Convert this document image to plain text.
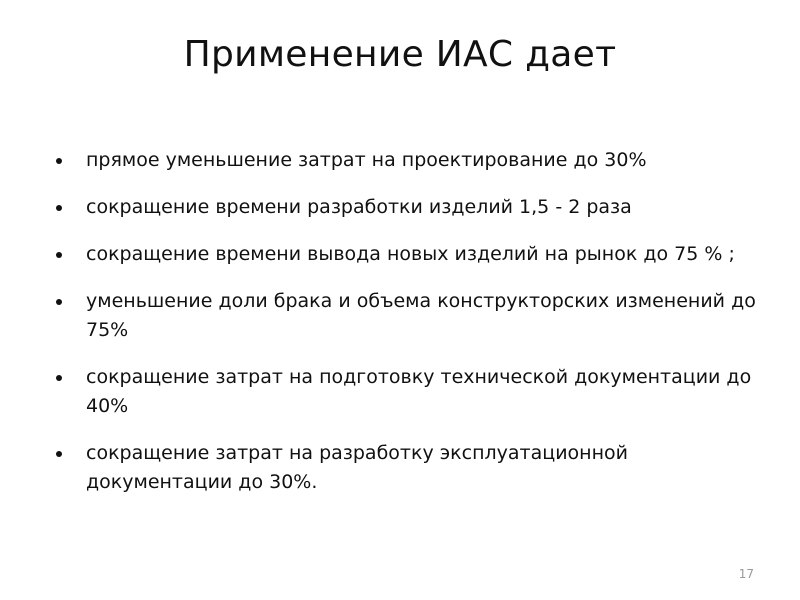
Применение ИАС дает
прямое уменьшение затрат на проектирование до 30%
сокращение времени разработки изделий 1,5 - 2 раза
сокращение времени вывода новых изделий на рынок до 75 % ;
уменьшение доли брака и объема конструкторских изменений до 75%
сокращение затрат на подготовку технической документации до 40%
сокращение затрат на разработку эксплуатационной документации до 30%.
17
